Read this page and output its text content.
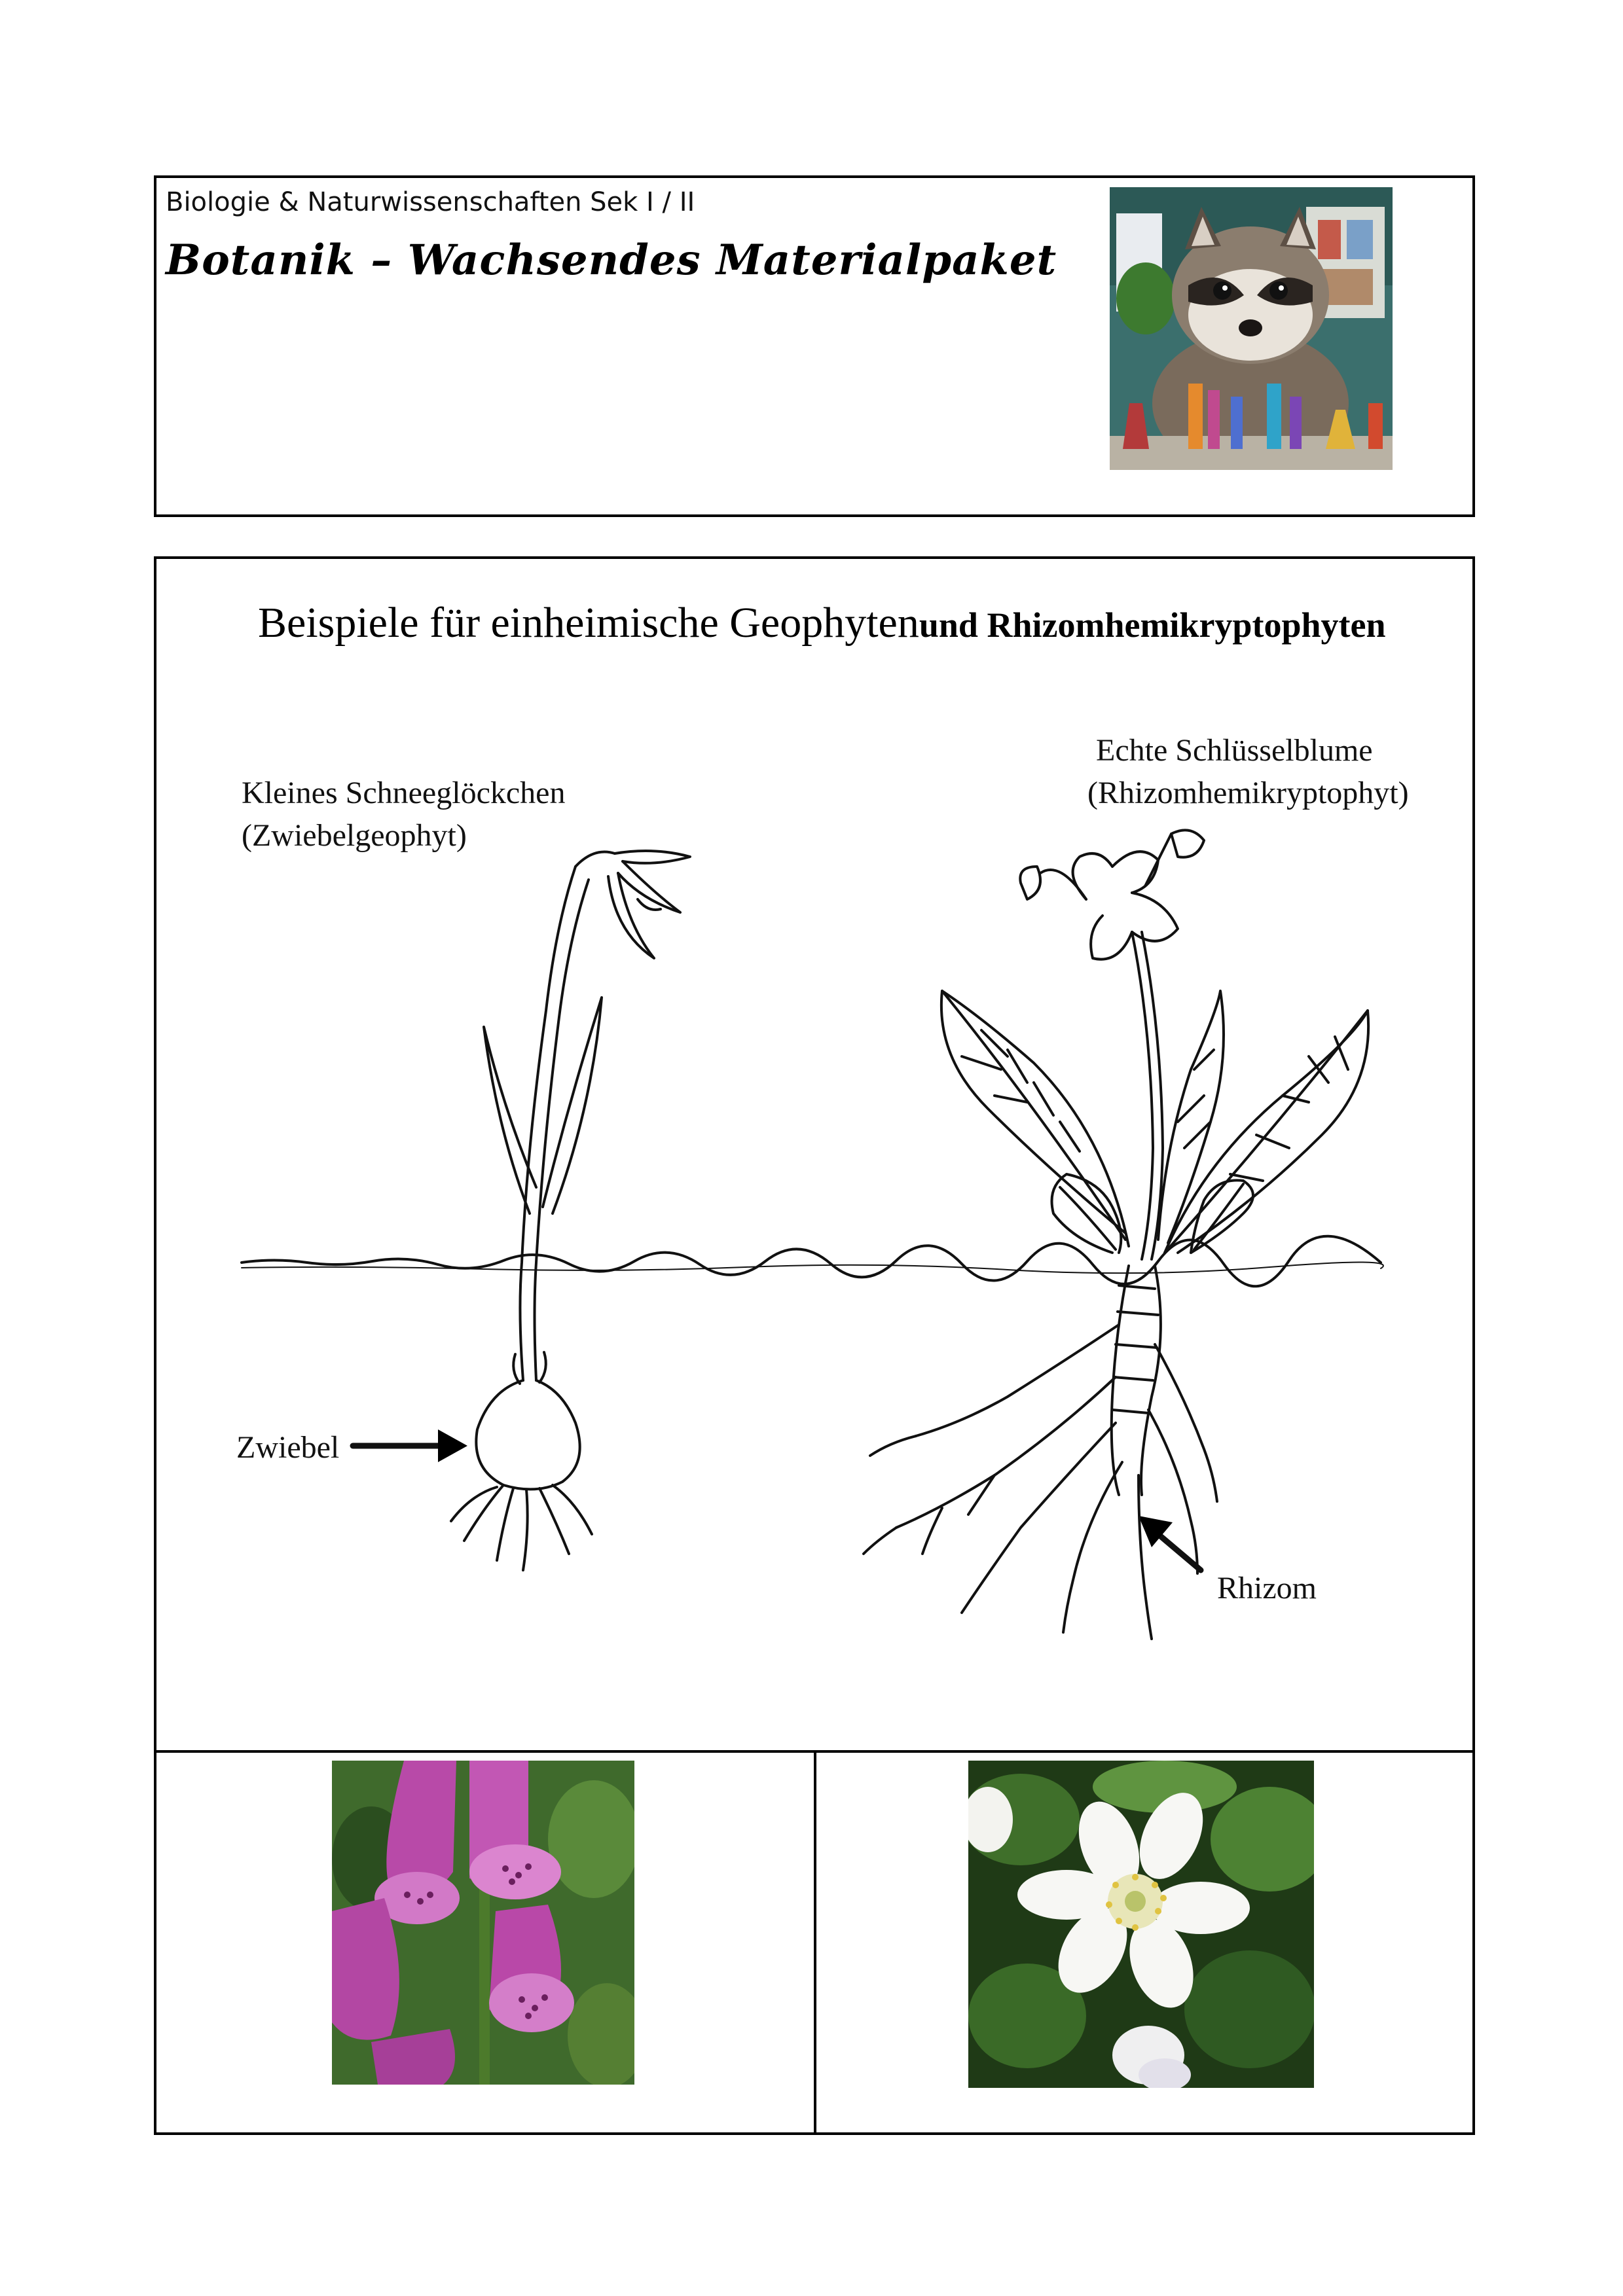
Biologie & Naturwissenschaften Sek I / II
Botanik – Wachsendes Materialpaket
Beispiele für einheimische Geophytenund Rhizomhemikryptophyten
Kleines Schneeglöckchen
(Zwiebelgeophyt)
Echte Schlüsselblume
(Rhizomhemikryptophyt)
Zwiebel
Rhizom
